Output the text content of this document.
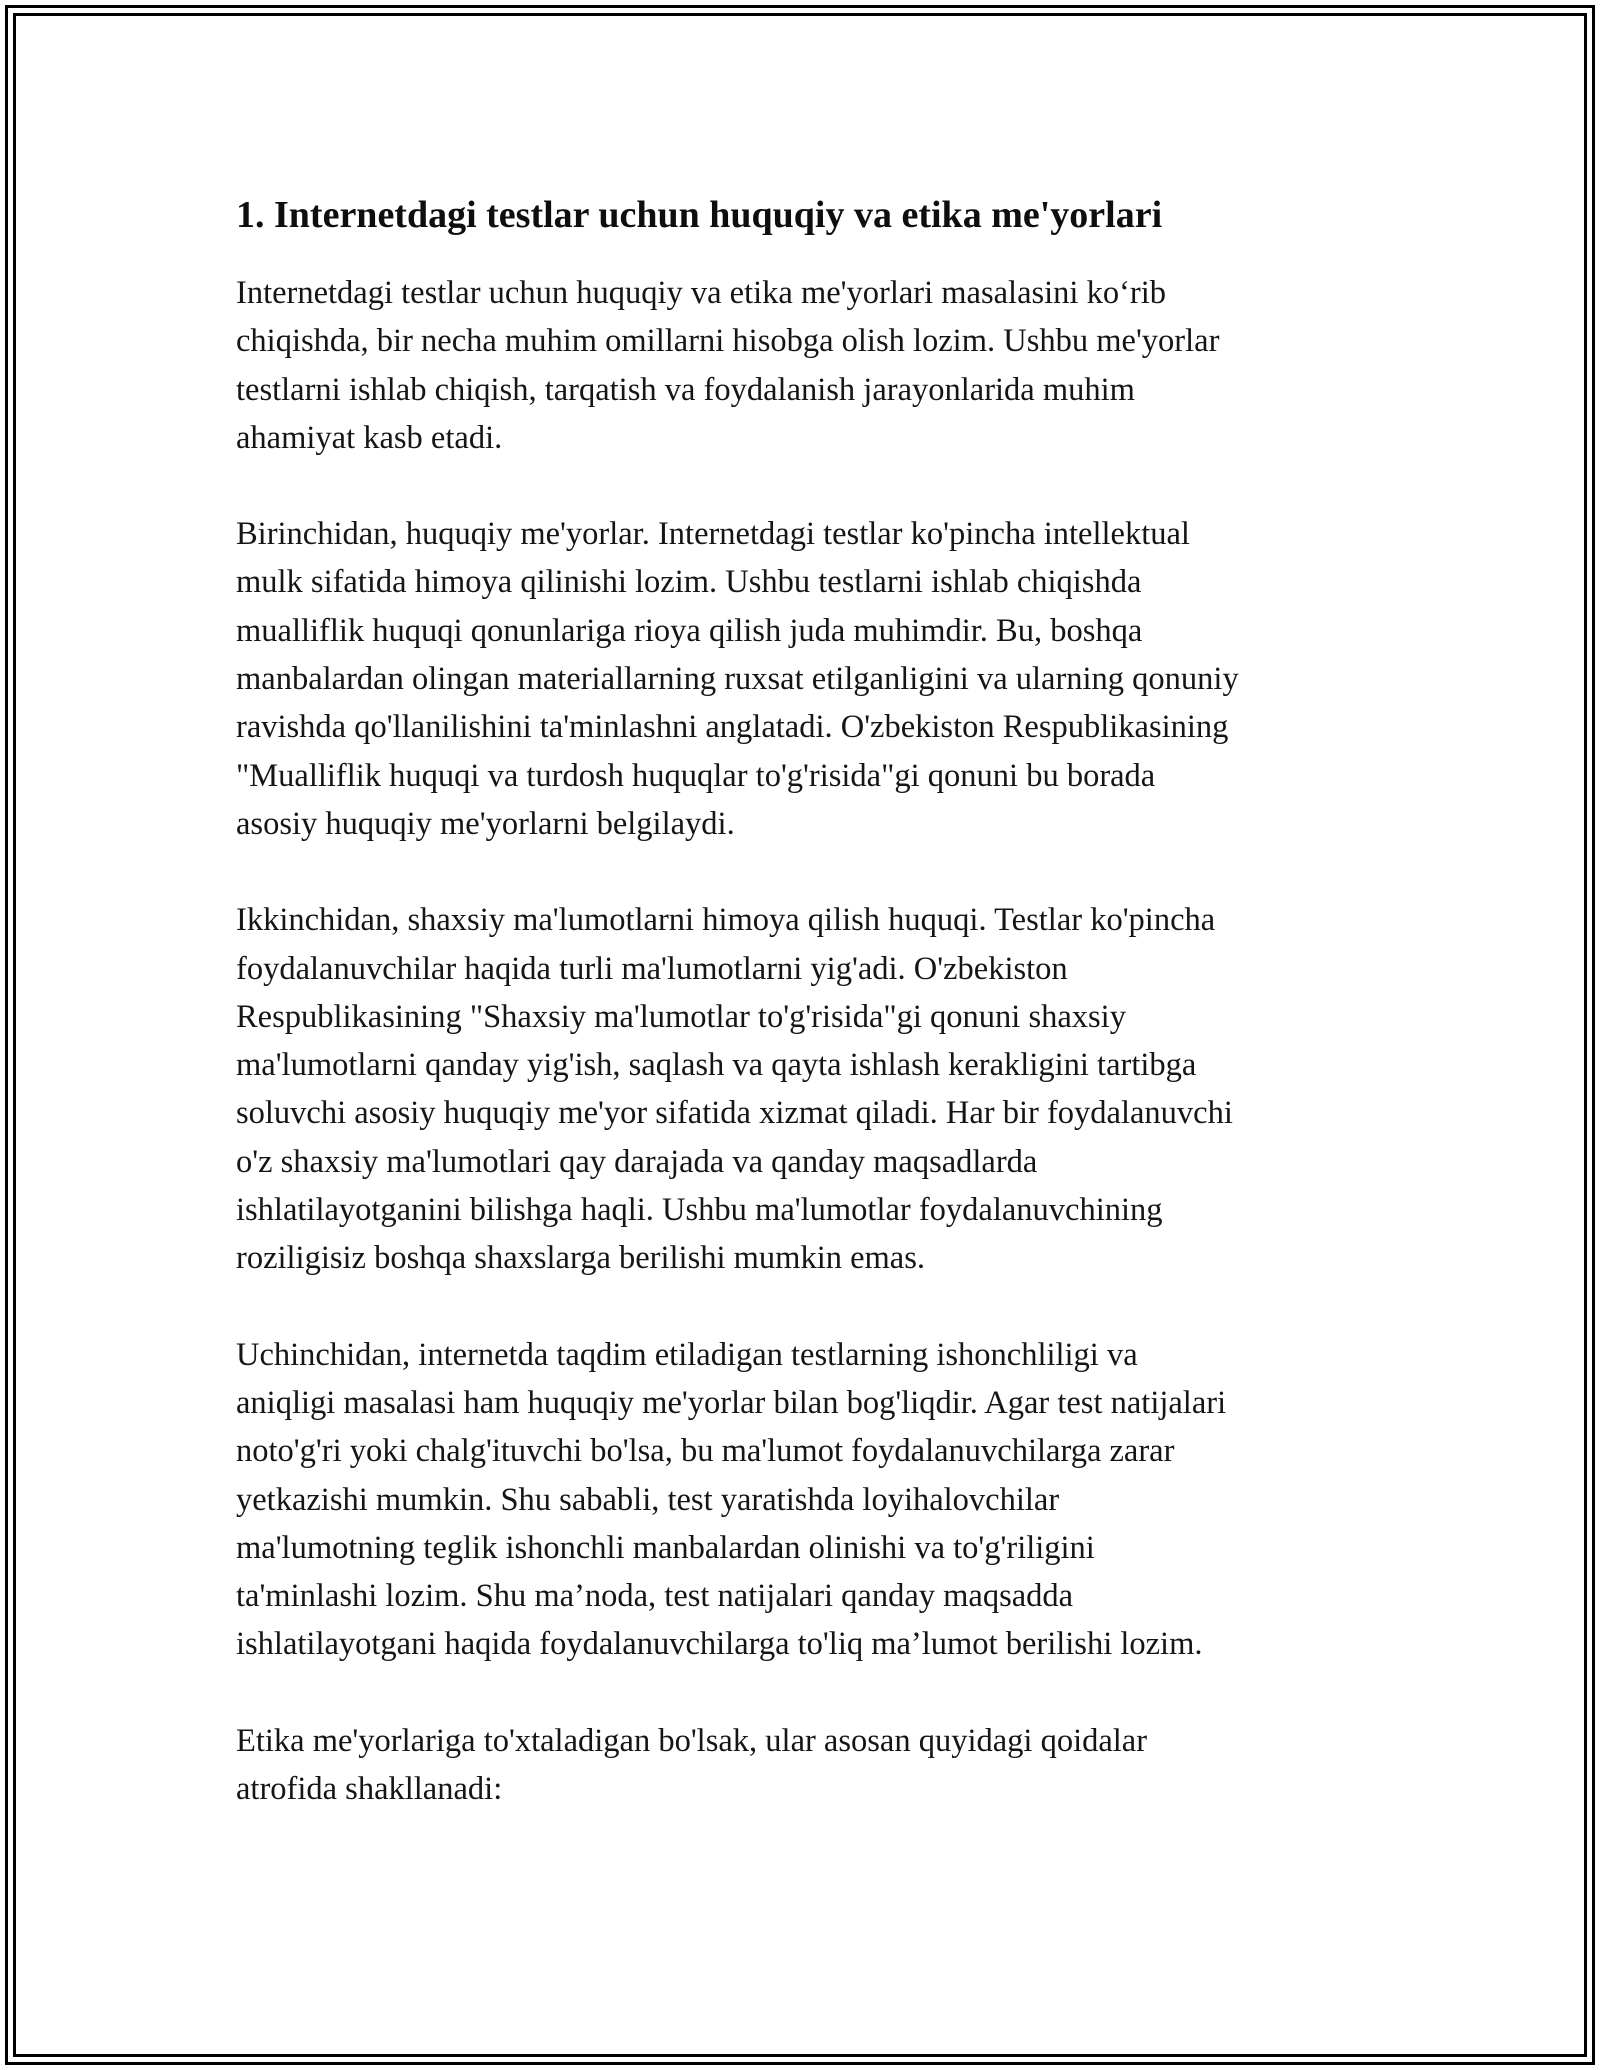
1. Internetdagi testlar uchun huquqiy va etika me'yorlari

Internetdagi testlar uchun huquqiy va etika me'yorlari masalasini ko‘rib
chiqishda, bir necha muhim omillarni hisobga olish lozim. Ushbu me'yorlar
testlarni ishlab chiqish, tarqatish va foydalanish jarayonlarida muhim
ahamiyat kasb etadi.

Birinchidan, huquqiy me'yorlar. Internetdagi testlar ko'pincha intellektual
mulk sifatida himoya qilinishi lozim. Ushbu testlarni ishlab chiqishda
mualliflik huquqi qonunlariga rioya qilish juda muhimdir. Bu, boshqa
manbalardan olingan materiallarning ruxsat etilganligini va ularning qonuniy
ravishda qo'llanilishini ta'minlashni anglatadi. O'zbekiston Respublikasining
"Mualliflik huquqi va turdosh huquqlar to'g'risida"gi qonuni bu borada
asosiy huquqiy me'yorlarni belgilaydi.

Ikkinchidan, shaxsiy ma'lumotlarni himoya qilish huquqi. Testlar ko'pincha
foydalanuvchilar haqida turli ma'lumotlarni yig'adi. O'zbekiston
Respublikasining "Shaxsiy ma'lumotlar to'g'risida"gi qonuni shaxsiy
ma'lumotlarni qanday yig'ish, saqlash va qayta ishlash kerakligini tartibga
soluvchi asosiy huquqiy me'yor sifatida xizmat qiladi. Har bir foydalanuvchi
o'z shaxsiy ma'lumotlari qay darajada va qanday maqsadlarda
ishlatilayotganini bilishga haqli. Ushbu ma'lumotlar foydalanuvchining
roziligisiz boshqa shaxslarga berilishi mumkin emas.

Uchinchidan, internetda taqdim etiladigan testlarning ishonchliligi va
aniqligi masalasi ham huquqiy me'yorlar bilan bog'liqdir. Agar test natijalari
noto'g'ri yoki chalg'ituvchi bo'lsa, bu ma'lumot foydalanuvchilarga zarar
yetkazishi mumkin. Shu sababli, test yaratishda loyihalovchilar
ma'lumotning teglik ishonchli manbalardan olinishi va to'g'riligini
ta'minlashi lozim. Shu ma’noda, test natijalari qanday maqsadda
ishlatilayotgani haqida foydalanuvchilarga to'liq ma’lumot berilishi lozim.

Etika me'yorlariga to'xtaladigan bo'lsak, ular asosan quyidagi qoidalar
atrofida shakllanadi:
